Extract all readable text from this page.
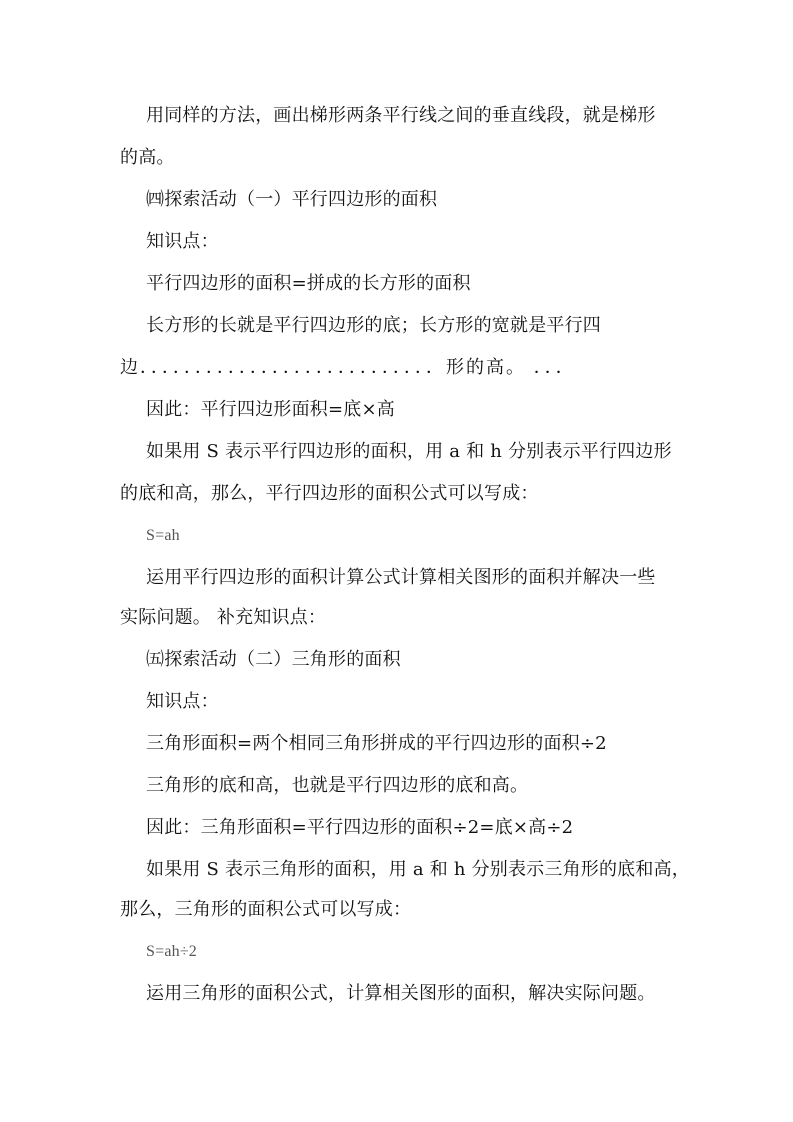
用同样的方法，画出梯形两条平行线之间的垂直线段，就是梯形
的高。
㈣探索活动（一）平行四边形的面积
知识点：
平行四边形的面积=拼成的长方形的面积
长方形的长就是平行四边形的底；长方形的宽就是平行四
边．．．．．．．．．．．．．．．．．．．．．．．．．．．形的高。 ．．．
因此：平行四边形面积=底×高
如果用 S 表示平行四边形的面积，用 a 和 h 分别表示平行四边形
的底和高，那么，平行四边形的面积公式可以写成：
S=ah
运用平行四边形的面积计算公式计算相关图形的面积并解决一些
实际问题。 补充知识点：
㈤探索活动（二）三角形的面积
知识点：
三角形面积=两个相同三角形拼成的平行四边形的面积÷2
三角形的底和高，也就是平行四边形的底和高。
因此：三角形面积=平行四边形的面积÷2=底×高÷2
如果用 S 表示三角形的面积，用 a 和 h 分别表示三角形的底和高，
那么，三角形的面积公式可以写成：
S=ah÷2
运用三角形的面积公式，计算相关图形的面积，解决实际问题。
